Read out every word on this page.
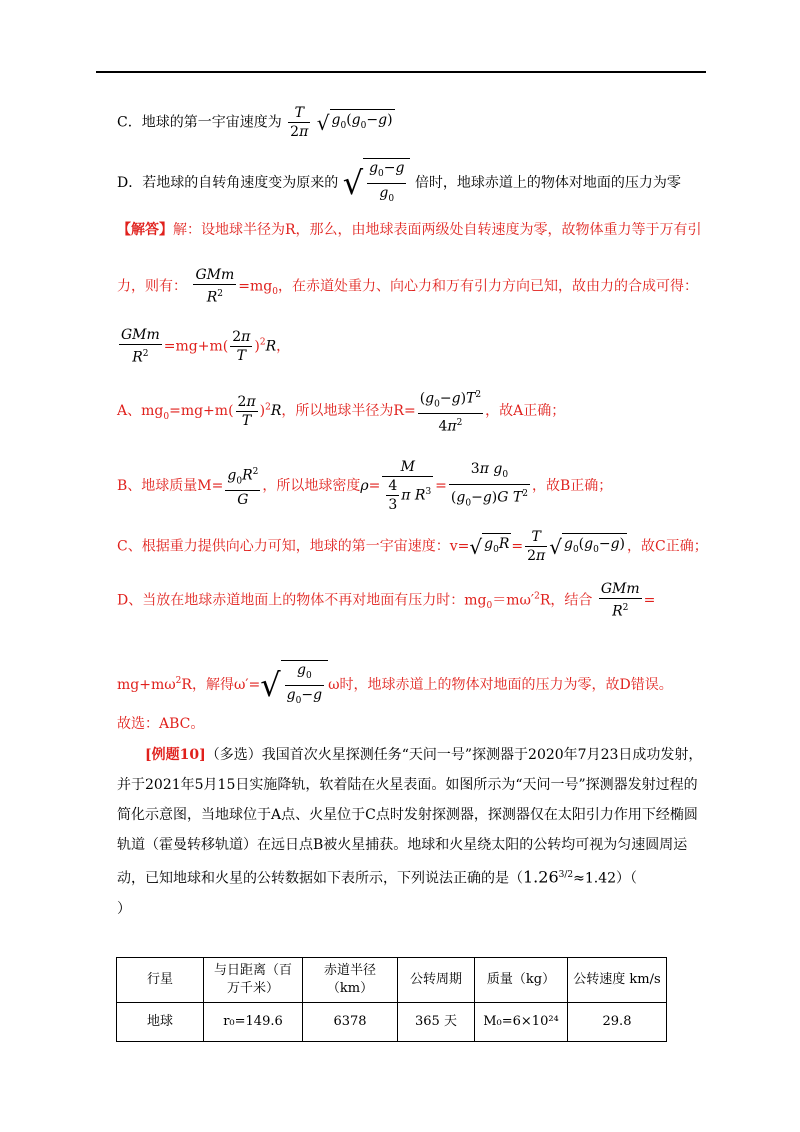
C．地球的第一宇宙速度为 $\frac{T}{2\pi}$ √ $g_0(g_0-g)$
D．若地球的自转角速度变为原来的 √ $\frac{g_0-g}{g_0}$ 倍时，地球赤道上的物体对地面的压力为零
【解答】解：设地球半径为R，那么，由地球表面两级处自转速度为零，故物体重力等于万有引
力，则有： $\frac{\text{GMm}}{R^2} =mg_0$，在赤道处重力、向心力和万有引力方向已知，故由力的合成可得：
$\frac{\text{GMm}}{R^2} =mg+m( \frac{2\pi}{T} )^2R$，
A、$mg_0=mg+m( \frac{2\pi}{T} )^2R$，所以地球半径为$R= \frac{(g_0-g)T^2}{4\pi^2}$ ，故A正确；
B、地球质量$M= \frac{g_0R^2}{G}$ ，所以地球密度$\rho= \frac{M}{\frac{4}{3} \pi R^3} = \frac{3\pi g_0}{(g_0-g)G T^2}$ ，故B正确；
C、根据重力提供向心力可知，地球的第一宇宙速度：v=√ $g_0R = \frac{T}{2\pi}$ √ $g_0(g_0-g)$ ，故C正确；
D、当放在地球赤道地面上的物体不再对地面有压力时：$mg_0=m\omega'^2R$，结合 $\frac{\text{GMm}}{R^2}$ =
$mg+m\omega^2R$，解得$\omega'=√ \frac{g_0}{g_0-g}$ ω时，地球赤道上的物体对地面的压力为零，故D错误。
故选：ABC。
[例题10]（多选）我国首次火星探测任务“天问一号”探测器于2020年7月23日成功发射，并于2021年5月15日实施降轨，软着陆在火星表面。如图所示为“天问一号”探测器发射过程的简化示意图，当地球位于A点、火星位于C点时发射探测器，探测器仅在太阳引力作用下经椭圆轨道（霍曼转移轨道）在远日点B被火星捕获。地球和火星绕太阳的公转均可视为匀速圆周运动，已知地球和火星的公转数据如下表所示，下列说法正确的是$(1.26^{3/2}\approx 1.42)$（
）
行星	与日距离（百万千米）	赤道半径（km）	公转周期	质量（kg）	公转速度 km/s
地球	r₀=149.6	6378	365 天	M₀=6×10²⁴	29.8
